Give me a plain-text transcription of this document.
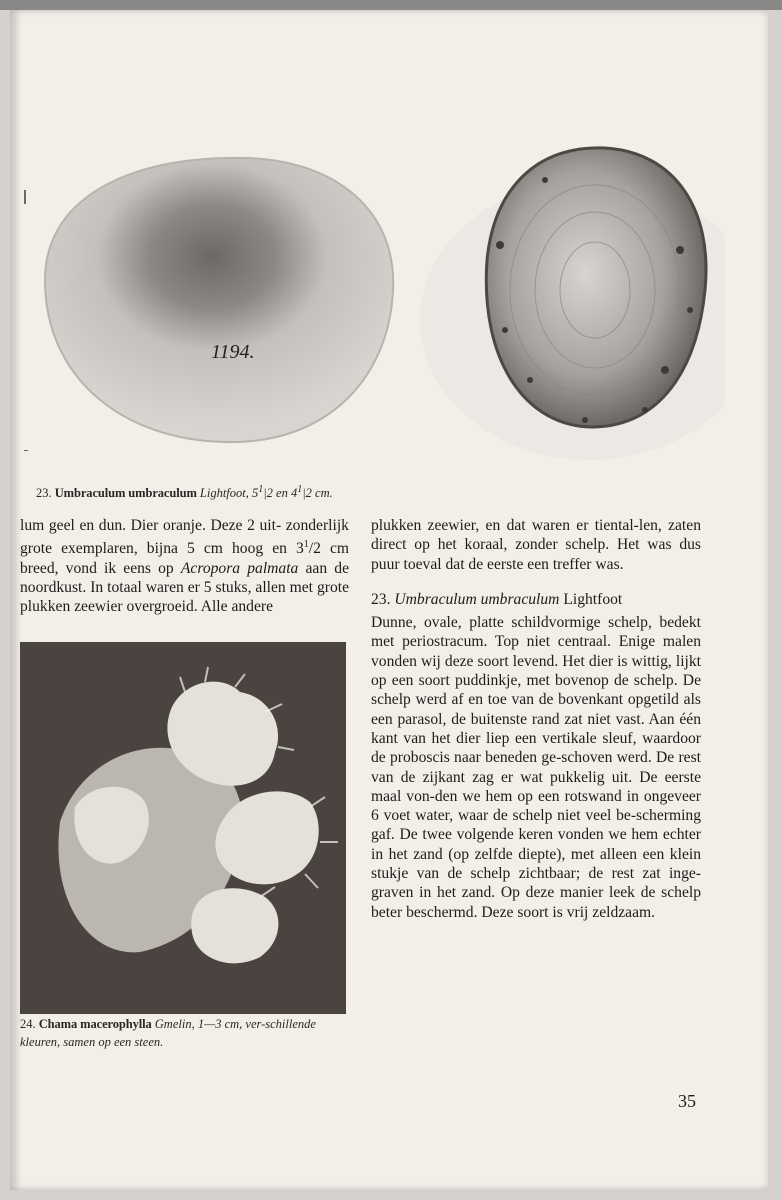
1194.
23. Umbraculum umbraculum Lightfoot, $5^1|2$ en $4^1|2$ cm.

lum geel en dun. Dier oranje. Deze 2 uit- zonderlijk grote exemplaren, bijna 5 cm hoog en $3^1/2$ cm breed, vond ik eens op Acropora palmata aan de noordkust. In totaal waren er 5 stuks, allen met grote plukken zeewier overgroeid. Alle andere

24. Chama macerophylla Gmelin, 1—3 cm, ver-schillende kleuren, samen op een steen.

plukken zeewier, en dat waren er tiental-len, zaten direct op het koraal, zonder schelp. Het was dus puur toeval dat de eerste een treffer was.

23. Umbraculum umbraculum Lightfoot

Dunne, ovale, platte schildvormige schelp, bedekt met periostracum. Top niet centraal. Enige malen vonden wij deze soort levend. Het dier is wittig, lijkt op een soort puddinkje, met bovenop de schelp. De schelp werd af en toe van de bovenkant opgetild als een parasol, de buitenste rand zat niet vast. Aan één kant van het dier liep een vertikale sleuf, waardoor de proboscis naar beneden ge-schoven werd. De rest van de zijkant zag er wat pukkelig uit. De eerste maal von-den we hem op een rotswand in ongeveer 6 voet water, waar de schelp niet veel be-scherming gaf. De twee volgende keren vonden we hem echter in het zand (op zelfde diepte), met alleen een klein stukje van de schelp zichtbaar; de rest zat inge-graven in het zand. Op deze manier leek de schelp beter beschermd. Deze soort is vrij zeldzaam.

35
